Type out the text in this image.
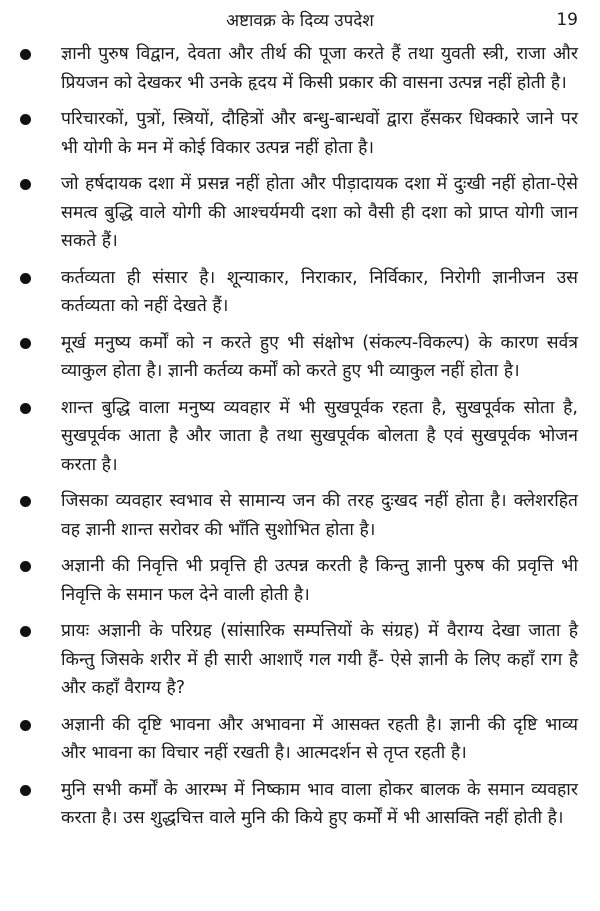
अष्टावक्र के दिव्य उपदेश	19
ज्ञानी पुरुष विद्वान, देवता और तीर्थ की पूजा करते हैं तथा युवती स्त्री, राजा और प्रियजन को देखकर भी उनके हृदय में किसी प्रकार की वासना उत्पन्न नहीं होती है।
परिचारकों, पुत्रों, स्त्रियों, दौहित्रों और बन्धु-बान्धवों द्वारा हँसकर धिक्कारे जाने पर भी योगी के मन में कोई विकार उत्पन्न नहीं होता है।
जो हर्षदायक दशा में प्रसन्न नहीं होता और पीड़ादायक दशा में दुःखी नहीं होता-ऐसे समत्व बुद्धि वाले योगी की आश्चर्यमयी दशा को वैसी ही दशा को प्राप्त योगी जान सकते हैं।
कर्तव्यता ही संसार है। शून्याकार, निराकार, निर्विकार, निरोगी ज्ञानीजन उस कर्तव्यता को नहीं देखते हैं।
मूर्ख मनुष्य कर्मों को न करते हुए भी संक्षोभ (संकल्प-विकल्प) के कारण सर्वत्र व्याकुल होता है। ज्ञानी कर्तव्य कर्मों को करते हुए भी व्याकुल नहीं होता है।
शान्त बुद्धि वाला मनुष्य व्यवहार में भी सुखपूर्वक रहता है, सुखपूर्वक सोता है, सुखपूर्वक आता है और जाता है तथा सुखपूर्वक बोलता है एवं सुखपूर्वक भोजन करता है।
जिसका व्यवहार स्वभाव से सामान्य जन की तरह दुःखद नहीं होता है। क्लेशरहित वह ज्ञानी शान्त सरोवर की भाँति सुशोभित होता है।
अज्ञानी की निवृत्ति भी प्रवृत्ति ही उत्पन्न करती है किन्तु ज्ञानी पुरुष की प्रवृत्ति भी निवृत्ति के समान फल देने वाली होती है।
प्रायः अज्ञानी के परिग्रह (सांसारिक सम्पत्तियों के संग्रह) में वैराग्य देखा जाता है किन्तु जिसके शरीर में ही सारी आशाएँ गल गयी हैं- ऐसे ज्ञानी के लिए कहाँ राग है और कहाँ वैराग्य है?
अज्ञानी की दृष्टि भावना और अभावना में आसक्त रहती है। ज्ञानी की दृष्टि भाव्य और भावना का विचार नहीं रखती है। आत्मदर्शन से तृप्त रहती है।
मुनि सभी कर्मों के आरम्भ में निष्काम भाव वाला होकर बालक के समान व्यवहार करता है। उस शुद्धचित्त वाले मुनि की किये हुए कर्मों में भी आसक्ति नहीं होती है।
